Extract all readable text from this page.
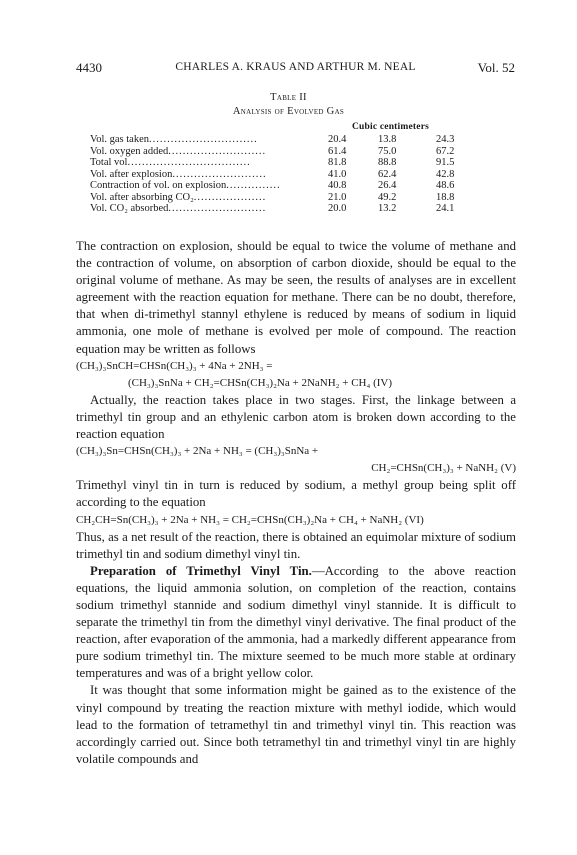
4430	CHARLES A. KRAUS AND ARTHUR M. NEAL	Vol. 52
Table II
Analysis of Evolved Gas
Cubic centimeters
Vol. gas taken..............................	20.4	13.8	24.3
Vol. oxygen added...........................	61.4	75.0	67.2
Total vol..................................	81.8	88.8	91.5
Vol. after explosion..........................	41.0	62.4	42.8
Contraction of vol. on explosion...............	40.8	26.4	48.6
Vol. after absorbing CO₂....................	21.0	49.2	18.8
Vol. CO₂ absorbed...........................	20.0	13.2	24.1

The contraction on explosion, should be equal to twice the volume of methane and the contraction of volume, on absorption of carbon dioxide, should be equal to the original volume of methane. As may be seen, the results of analyses are in excellent agreement with the reaction equation for methane. There can be no doubt, therefore, that when di-trimethyl stannyl ethylene is reduced by means of sodium in liquid ammonia, one mole of methane is evolved per mole of compound. The reaction equation may be written as follows

(CH₃)₃SnCH=CHSn(CH₃)₃ + 4Na + 2NH₃ =

(CH₃)₃SnNa + CH₂=CHSn(CH₃)₂Na + 2NaNH₂ + CH₄ (IV)

Actually, the reaction takes place in two stages. First, the linkage between a trimethyl tin group and an ethylenic carbon atom is broken down according to the reaction equation

(CH₃)₃Sn=CHSn(CH₃)₃ + 2Na + NH₃ = (CH₃)₃SnNa +

CH₂=CHSn(CH₃)₃ + NaNH₂ (V)

Trimethyl vinyl tin in turn is reduced by sodium, a methyl group being split off according to the equation

CH₂CH=Sn(CH₃)₃ + 2Na + NH₃ = CH₂=CHSn(CH₃)₂Na + CH₄ + NaNH₂ (VI)

Thus, as a net result of the reaction, there is obtained an equimolar mixture of sodium trimethyl tin and sodium dimethyl vinyl tin.

Preparation of Trimethyl Vinyl Tin.—According to the above reaction equations, the liquid ammonia solution, on completion of the reaction, contains sodium trimethyl stannide and sodium dimethyl vinyl stannide. It is difficult to separate the trimethyl tin from the dimethyl vinyl derivative. The final product of the reaction, after evaporation of the ammonia, had a markedly different appearance from pure sodium trimethyl tin. The mixture seemed to be much more stable at ordinary temperatures and was of a bright yellow color.

It was thought that some information might be gained as to the existence of the vinyl compound by treating the reaction mixture with methyl iodide, which would lead to the formation of tetramethyl tin and trimethyl vinyl tin. This reaction was accordingly carried out. Since both tetramethyl tin and trimethyl vinyl tin are highly volatile compounds and
